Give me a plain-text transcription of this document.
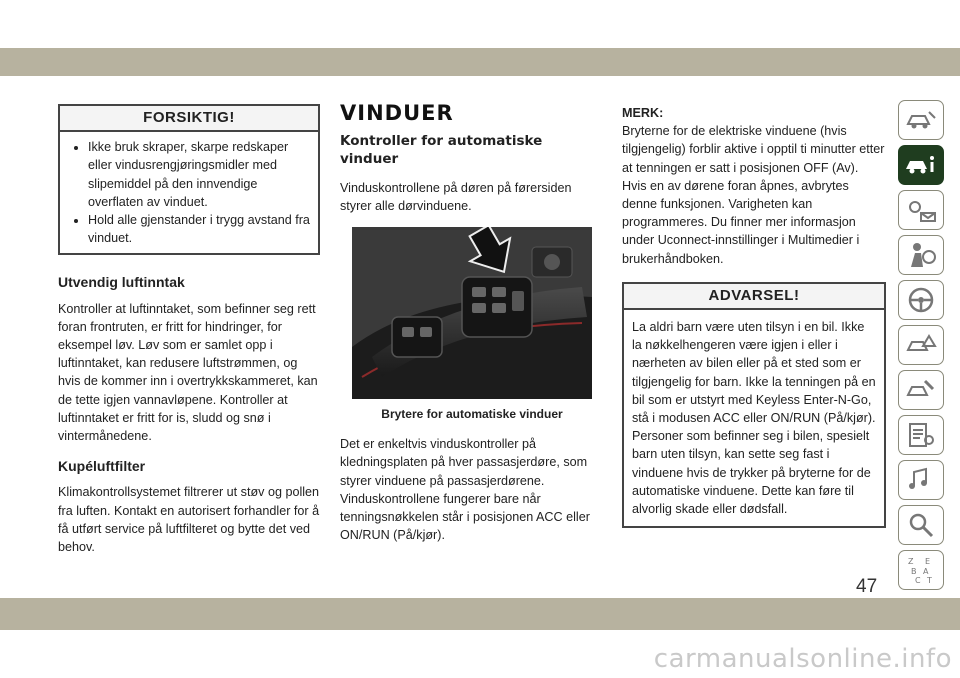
FORSIKTIG!
• Ikke bruk skraper, skarpe redskaper eller vindusrengjøringsmidler med slipemiddel på den innvendige overflaten av vinduet.
• Hold alle gjenstander i trygg avstand fra vinduet.
Utvendig luftinntak

Kontroller at luftinntaket, som befinner seg rett foran frontruten, er fritt for hindringer, for eksempel løv. Løv som er samlet opp i luftinntaket, kan redusere luftstrømmen, og hvis de kommer inn i overtrykkskammeret, kan de tette igjen vannavløpene. Kontroller at luftinntaket er fritt for is, sludd og snø i vintermånedene.

Kupéluftfilter

Klimakontrollsystemet filtrerer ut støv og pollen fra luften. Kontakt en autorisert forhandler for å få utført service på luftfilteret og bytte det ved behov.

VINDUER
Kontroller for automatiske vinduer

Vinduskontrollene på døren på førersiden styrer alle dørvinduene.

Brytere for automatiske vinduer

Det er enkeltvis vinduskontroller på kledningsplaten på hver passasjerdøre, som styrer vinduene på passasjerdørene. Vinduskontrollene fungerer bare når tenningsnøkkelen står i posisjonen ACC eller ON/RUN (På/kjør).

MERK:

Bryterne for de elektriske vinduene (hvis tilgjengelig) forblir aktive i opptil ti minutter etter at tenningen er satt i posisjonen OFF (Av). Hvis en av dørene foran åpnes, avbrytes denne funksjonen. Varigheten kan programmeres. Du finner mer informasjon under Uconnect-innstillinger i Multimedier i brukerhåndboken.

ADVARSEL!

La aldri barn være uten tilsyn i en bil. Ikke la nøkkelhengeren være igjen i eller i nærheten av bilen eller på et sted som er tilgjengelig for barn. Ikke la tenningen på en bil som er utstyrt med Keyless Enter-N-Go, stå i modusen ACC eller ON/RUN (På/kjør). Personer som befinner seg i bilen, spesielt barn uten tilsyn, kan sette seg fast i vinduene hvis de trykker på bryterne for de automatiske vinduene. Dette kan føre til alvorlig skade eller dødsfall.

Z E
B A
C T
47
carmanualsonline.info
